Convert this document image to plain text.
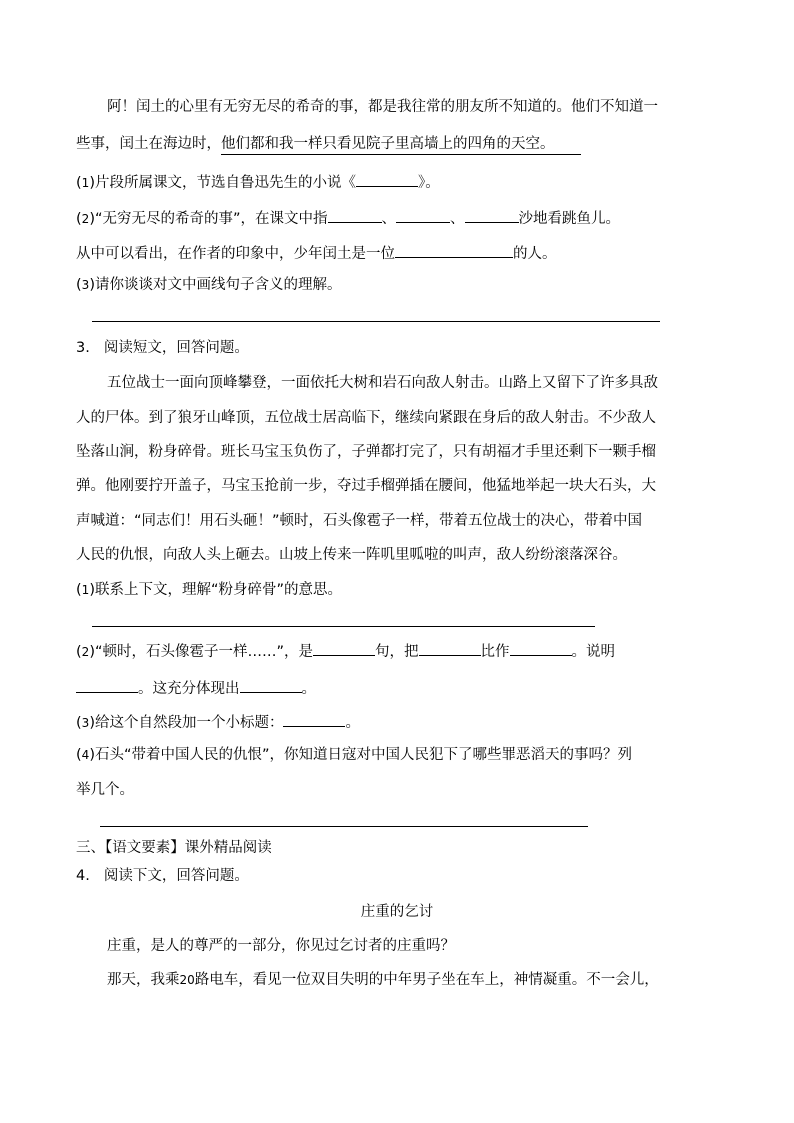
阿！闰土的心里有无穷无尽的希奇的事，都是我往常的朋友所不知道的。他们不知道一
些事，闰土在海边时，他们都和我一样只看见院子里高墙上的四角的天空。
(1)片段所属课文，节选自鲁迅先生的小说《	》。
(2)“无穷无尽的希奇的事”，在课文中指	、	、	沙地看跳鱼儿。
从中可以看出，在作者的印象中，少年闰土是一位	的人。
(3)请你谈谈对文中画线句子含义的理解。
3. 阅读短文，回答问题。
五位战士一面向顶峰攀登，一面依托大树和岩石向敌人射击。山路上又留下了许多具敌
人的尸体。到了狼牙山峰顶，五位战士居高临下，继续向紧跟在身后的敌人射击。不少敌人
坠落山涧，粉身碎骨。班长马宝玉负伤了，子弹都打完了，只有胡福才手里还剩下一颗手榴
弹。他刚要拧开盖子，马宝玉抢前一步，夺过手榴弹插在腰间，他猛地举起一块大石头，大
声喊道：“同志们！用石头砸！”顿时，石头像雹子一样，带着五位战士的决心，带着中国
人民的仇恨，向敌人头上砸去。山坡上传来一阵叽里呱啦的叫声，敌人纷纷滚落深谷。
(1)联系上下文，理解“粉身碎骨”的意思。
(2)“顿时，石头像雹子一样……”，是	句，把	比作	。说明
。这充分体现出	。
(3)给这个自然段加一个小标题：	。
(4)石头“带着中国人民的仇恨”，你知道日寇对中国人民犯下了哪些罪恶滔天的事吗？列
举几个。
三、【语文要素】课外精品阅读
4. 阅读下文，回答问题。
庄重的乞讨
庄重，是人的尊严的一部分，你见过乞讨者的庄重吗？
那天，我乘20路电车，看见一位双目失明的中年男子坐在车上，神情凝重。不一会儿，
